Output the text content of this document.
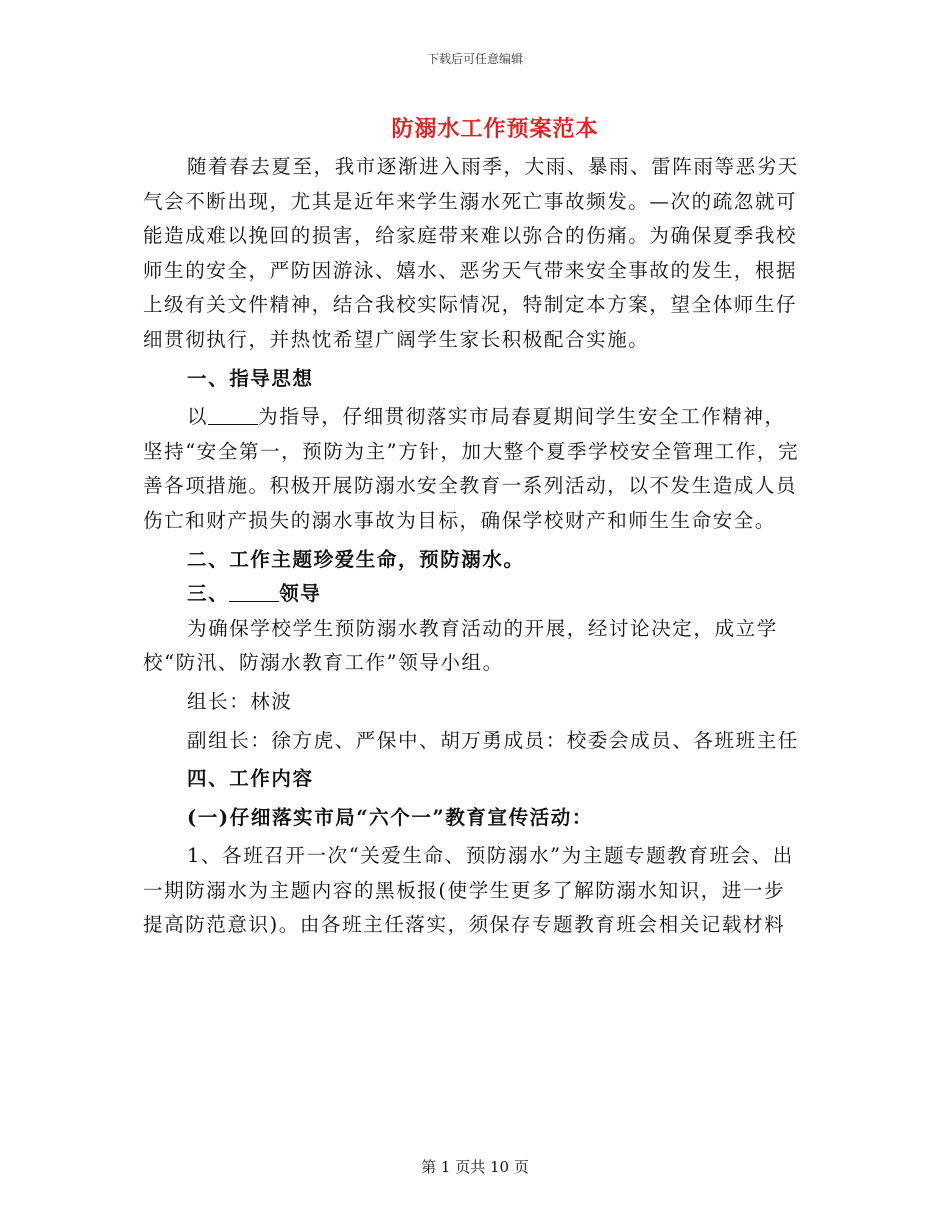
下载后可任意编辑
防溺水工作预案范本

随着春去夏至，我市逐渐进入雨季，大雨、暴雨、雷阵雨等恶劣天气会不断出现，尤其是近年来学生溺水死亡事故频发。—次的疏忽就可能造成难以挽回的损害，给家庭带来难以弥合的伤痛。为确保夏季我校师生的安全，严防因游泳、嬉水、恶劣天气带来安全事故的发生，根据上级有关文件精神，结合我校实际情况，特制定本方案，望全体师生仔细贯彻执行，并热忱希望广阔学生家长积极配合实施。

一、指导思想

以	为指导，仔细贯彻落实市局春夏期间学生安全工作精神，坚持“安全第一，预防为主”方针，加大整个夏季学校安全管理工作，完善各项措施。积极开展防溺水安全教育一系列活动，以不发生造成人员伤亡和财产损失的溺水事故为目标，确保学校财产和师生生命安全。

二、工作主题珍爱生命，预防溺水。

三、	领导

为确保学校学生预防溺水教育活动的开展，经讨论决定，成立学校“防汛、防溺水教育工作”领导小组。

组长：林波

副组长：徐方虎、严保中、胡万勇成员：校委会成员、各班班主任

四、工作内容

(一)仔细落实市局“六个一”教育宣传活动：

1、各班召开一次“关爱生命、预防溺水”为主题专题教育班会、出一期防溺水为主题内容的黑板报(使学生更多了解防溺水知识，进一步提高防范意识)。由各班主任落实，须保存专题教育班会相关记载材料

第 1 页共 10 页
